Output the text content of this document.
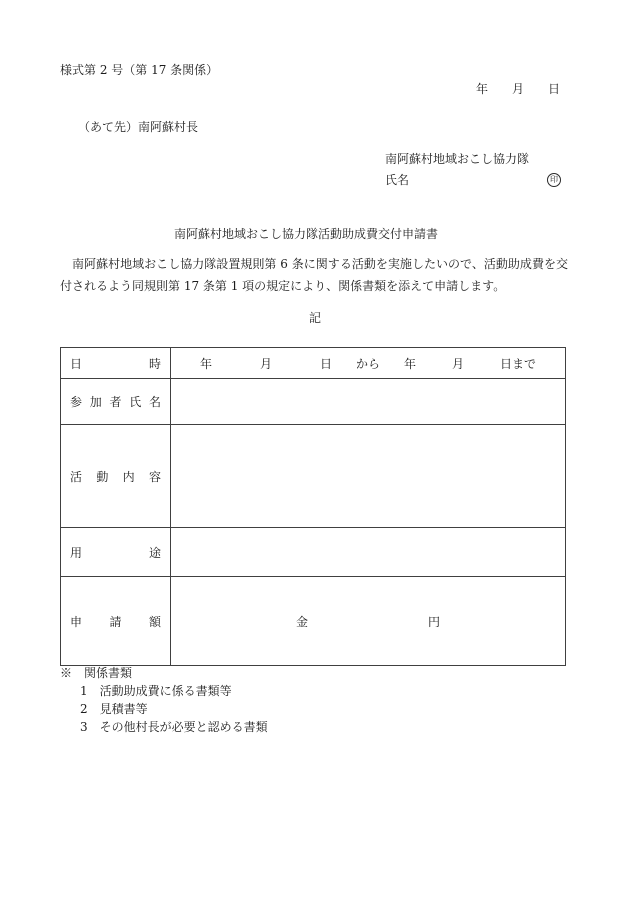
様式第 2 号（第 17 条関係）
年　　月　　日
（あて先）南阿蘇村長
南阿蘇村地域おこし協力隊
氏名	印
南阿蘇村地域おこし協力隊活動助成費交付申請書

　南阿蘇村地域おこし協力隊設置規則第 6 条に関する活動を実施したいので、活動助成費を交付されるよう同規則第 17 条第 1 項の規定により、関係書類を添えて申請します。

記
日時	年　　　　月　　　　日　　から　　年　　　月　　　日まで
参加者氏名	
活動内容	
用途	
申請額	金　　　　　　　　　　円
※　関係書類
1　活動助成費に係る書類等
2　見積書等
3　その他村長が必要と認める書類
